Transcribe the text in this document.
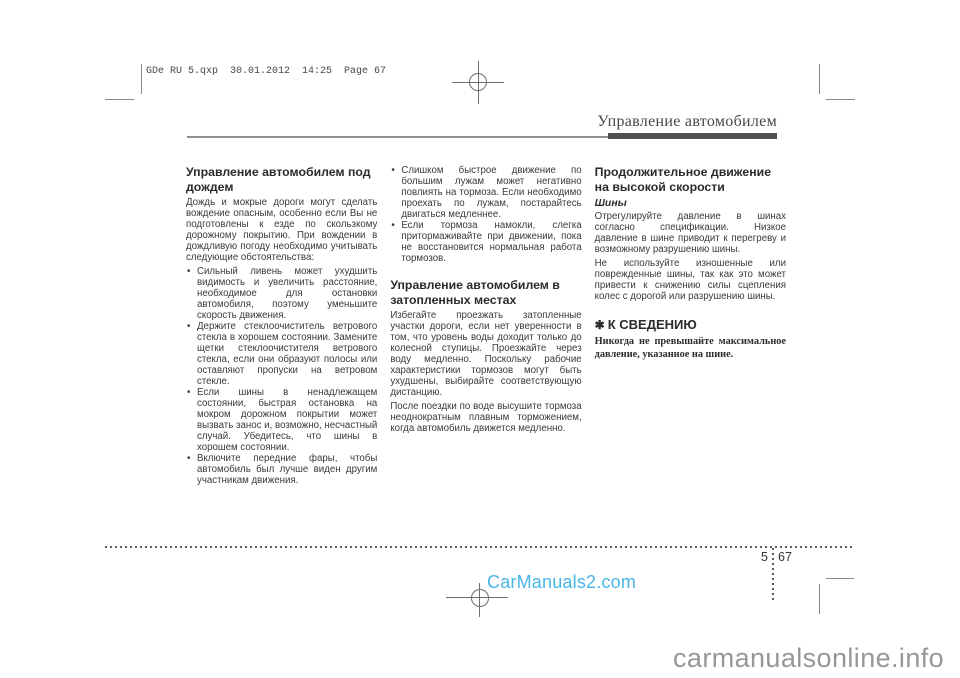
GDe RU 5.qxp  30.01.2012  14:25  Page 67
Управление автомобилем
Управление автомобилем под дождем

Дождь и мокрые дороги могут сделать вождение опасным, особенно если Вы не подготовлены к езде по скользкому дорожному покрытию. При вождении в дождливую погоду необходимо учитывать следующие обстоятельства:

• Сильный ливень может ухудшить видимость и увеличить расстояние, необходимое для остановки автомобиля, поэтому уменьшите скорость движения.
• Держите стеклоочиститель ветрового стекла в хорошем состоянии. Замените щетки стеклоочистителя ветрового стекла, если они образуют полосы или оставляют пропуски на ветровом стекле.
• Если шины в ненадлежащем состоянии, быстрая остановка на мокром дорожном покрытии может вызвать занос и, возможно, несчастный случай. Убедитесь, что шины в хорошем состоянии.
• Включите передние фары, чтобы автомобиль был лучше виден другим участникам движения.
• Слишком быстрое движение по большим лужам может негативно повлиять на тормоза. Если необходимо проехать по лужам, постарайтесь двигаться медленнее.
• Если тормоза намокли, слегка притормаживайте при движении, пока не восстановится нормальная работа тормозов.
Управление автомобилем в затопленных местах

Избегайте проезжать затопленные участки дороги, если нет уверенности в том, что уровень воды доходит только до колесной ступицы. Проезжайте через воду медленно. Поскольку рабочие характеристики тормозов могут быть ухудшены, выбирайте соответствующую дистанцию.

После поездки по воде высушите тормоза неоднократным плавным торможением, когда автомобиль движется медленно.

Продолжительное движение на высокой скорости

Шины

Отрегулируйте давление в шинах согласно спецификации. Низкое давление в шине приводит к перегреву и возможному разрушению шины.

Не используйте изношенные или поврежденные шины, так как это может привести к снижению силы сцепления колес с дорогой или разрушению шины.

✱ К СВЕДЕНИЮ

Никогда не превышайте максимальное давление, указанное на шине.

5 67
CarManuals2.com
carmanualsonline.info
